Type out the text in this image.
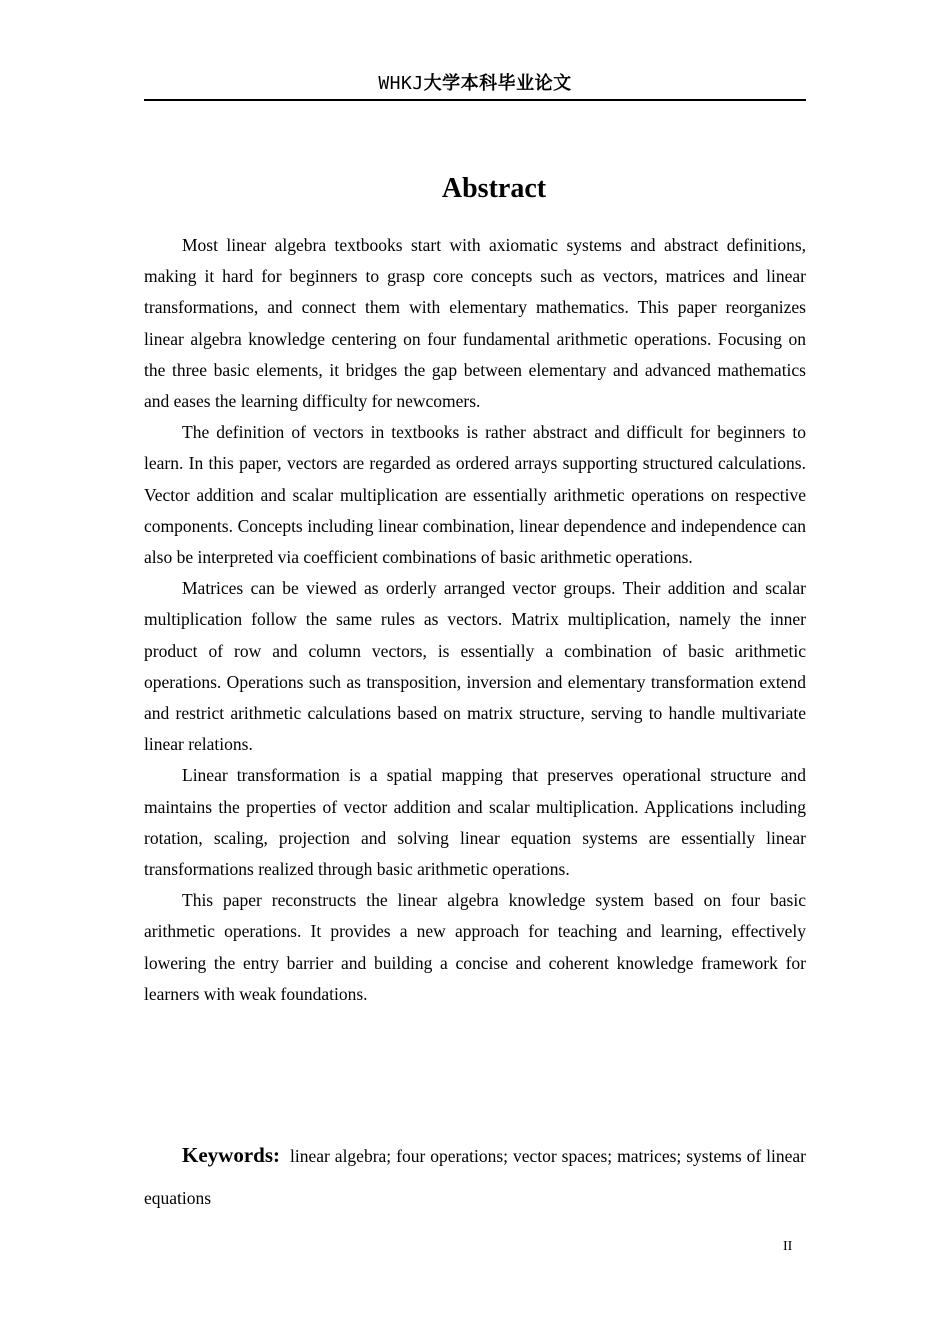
WHKJ大学本科毕业论文
Abstract

Most linear algebra textbooks start with axiomatic systems and abstract definitions, making it hard for beginners to grasp core concepts such as vectors, matrices and linear transformations, and connect them with elementary mathematics. This paper reorganizes linear algebra knowledge centering on four fundamental arithmetic operations. Focusing on the three basic elements, it bridges the gap between elementary and advanced mathematics and eases the learning difficulty for newcomers.

The definition of vectors in textbooks is rather abstract and difficult for beginners to learn. In this paper, vectors are regarded as ordered arrays supporting structured calculations. Vector addition and scalar multiplication are essentially arithmetic operations on respective components. Concepts including linear combination, linear dependence and independence can also be interpreted via coefficient combinations of basic arithmetic operations.

Matrices can be viewed as orderly arranged vector groups. Their addition and scalar multiplication follow the same rules as vectors. Matrix multiplication, namely the inner product of row and column vectors, is essentially a combination of basic arithmetic operations. Operations such as transposition, inversion and elementary transformation extend and restrict arithmetic calculations based on matrix structure, serving to handle multivariate linear relations.

Linear transformation is a spatial mapping that preserves operational structure and maintains the properties of vector addition and scalar multiplication. Applications including rotation, scaling, projection and solving linear equation systems are essentially linear transformations realized through basic arithmetic operations.

This paper reconstructs the linear algebra knowledge system based on four basic arithmetic operations. It provides a new approach for teaching and learning, effectively lowering the entry barrier and building a concise and coherent knowledge framework for learners with weak foundations.

Keywords: linear algebra; four operations; vector spaces; matrices; systems of linear equations

II
